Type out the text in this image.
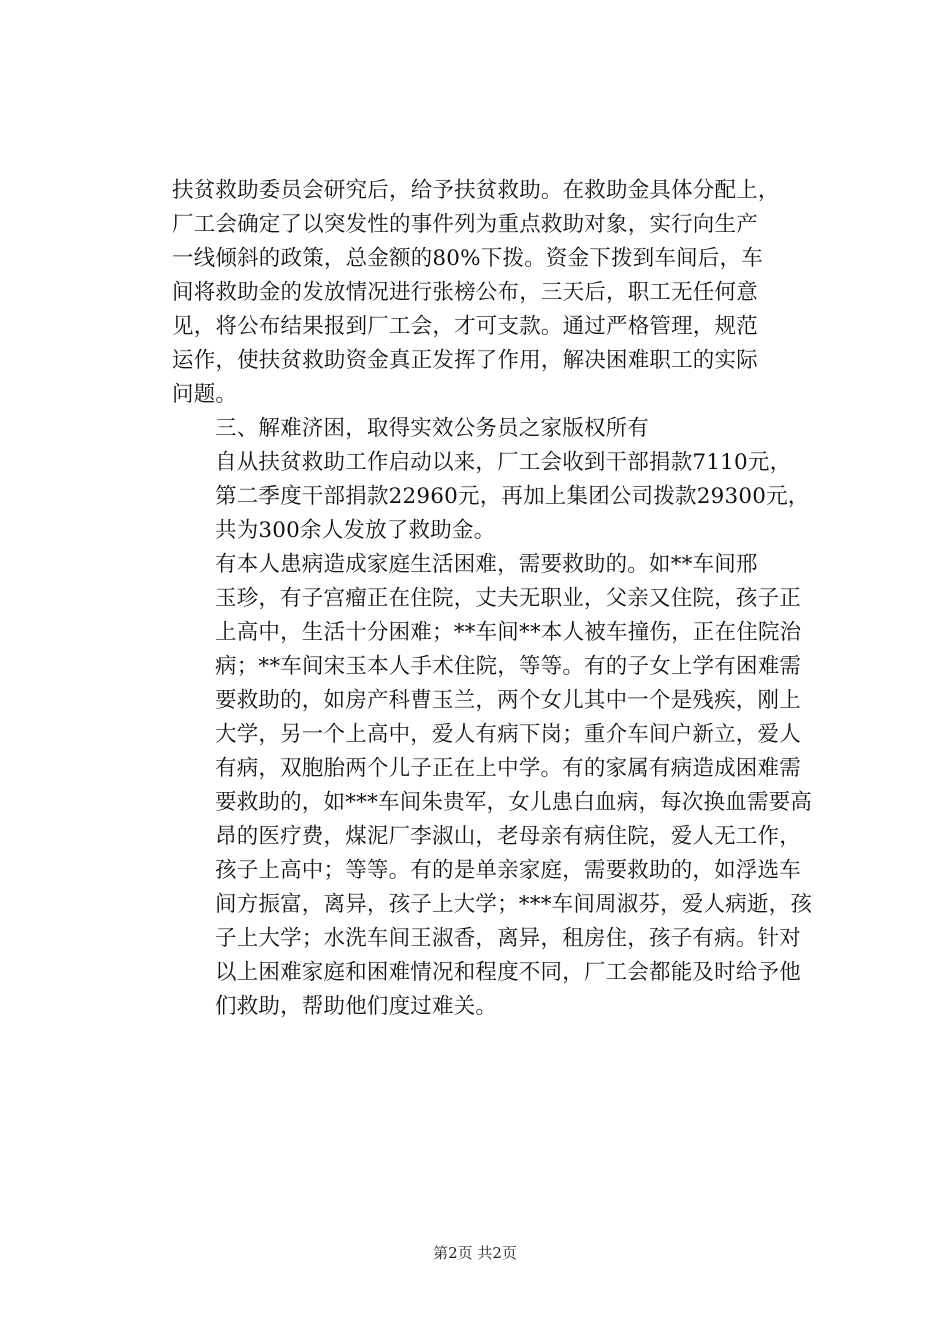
扶贫救助委员会研究后，给予扶贫救助。在救助金具体分配上，
厂工会确定了以突发性的事件列为重点救助对象，实行向生产
一线倾斜的政策，总金额的80%下拨。资金下拨到车间后，车
间将救助金的发放情况进行张榜公布，三天后，职工无任何意
见，将公布结果报到厂工会，才可支款。通过严格管理，规范
运作，使扶贫救助资金真正发挥了作用，解决困难职工的实际
问题。

三、解难济困，取得实效公务员之家版权所有

自从扶贫救助工作启动以来，厂工会收到干部捐款7110元，
第二季度干部捐款22960元，再加上集团公司拨款29300元，
共为300余人发放了救助金。

有本人患病造成家庭生活困难，需要救助的。如**车间邢
玉珍，有子宫瘤正在住院，丈夫无职业，父亲又住院，孩子正
上高中，生活十分困难；**车间**本人被车撞伤，正在住院治
病；**车间宋玉本人手术住院，等等。有的子女上学有困难需
要救助的，如房产科曹玉兰，两个女儿其中一个是残疾，刚上
大学，另一个上高中，爱人有病下岗；重介车间户新立，爱人
有病，双胞胎两个儿子正在上中学。有的家属有病造成困难需
要救助的，如***车间朱贵军，女儿患白血病，每次换血需要高
昂的医疗费，煤泥厂李淑山，老母亲有病住院，爱人无工作，
孩子上高中；等等。有的是单亲家庭，需要救助的，如浮选车
间方振富，离异，孩子上大学；***车间周淑芬，爱人病逝，孩
子上大学；水洗车间王淑香，离异，租房住，孩子有病。针对
以上困难家庭和困难情况和程度不同，厂工会都能及时给予他
们救助，帮助他们度过难关。

第2页 共2页
